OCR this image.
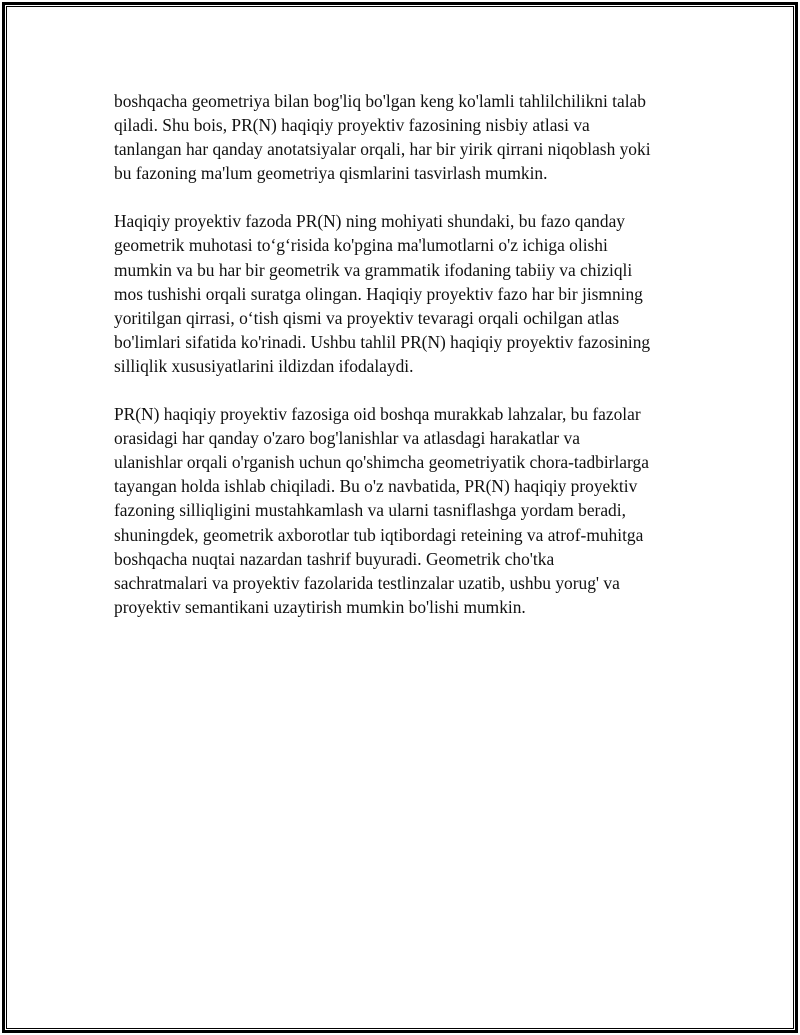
boshqacha geometriya bilan bog'liq bo'lgan keng ko'lamli tahlilchilikni talab
qiladi. Shu bois, PR(N) haqiqiy proyektiv fazosining nisbiy atlasi va
tanlangan har qanday anotatsiyalar orqali, har bir yirik qirrani niqoblash yoki
bu fazoning ma'lum geometriya qismlarini tasvirlash mumkin.

Haqiqiy proyektiv fazoda PR(N) ning mohiyati shundaki, bu fazo qanday
geometrik muhotasi to‘g‘risida ko'pgina ma'lumotlarni o'z ichiga olishi
mumkin va bu har bir geometrik va grammatik ifodaning tabiiy va chiziqli
mos tushishi orqali suratga olingan. Haqiqiy proyektiv fazo har bir jismning
yoritilgan qirrasi, o‘tish qismi va proyektiv tevaragi orqali ochilgan atlas
bo'limlari sifatida ko'rinadi. Ushbu tahlil PR(N) haqiqiy proyektiv fazosining
silliqlik xususiyatlarini ildizdan ifodalaydi.

PR(N) haqiqiy proyektiv fazosiga oid boshqa murakkab lahzalar, bu fazolar
orasidagi har qanday o'zaro bog'lanishlar va atlasdagi harakatlar va
ulanishlar orqali o'rganish uchun qo'shimcha geometriyatik chora-tadbirlarga
tayangan holda ishlab chiqiladi. Bu o'z navbatida, PR(N) haqiqiy proyektiv
fazoning silliqligini mustahkamlash va ularni tasniflashga yordam beradi,
shuningdek, geometrik axborotlar tub iqtibordagi reteining va atrof-muhitga
boshqacha nuqtai nazardan tashrif buyuradi. Geometrik cho'tka
sachratmalari va proyektiv fazolarida testlinzalar uzatib, ushbu yorug' va
proyektiv semantikani uzaytirish mumkin bo'lishi mumkin.
